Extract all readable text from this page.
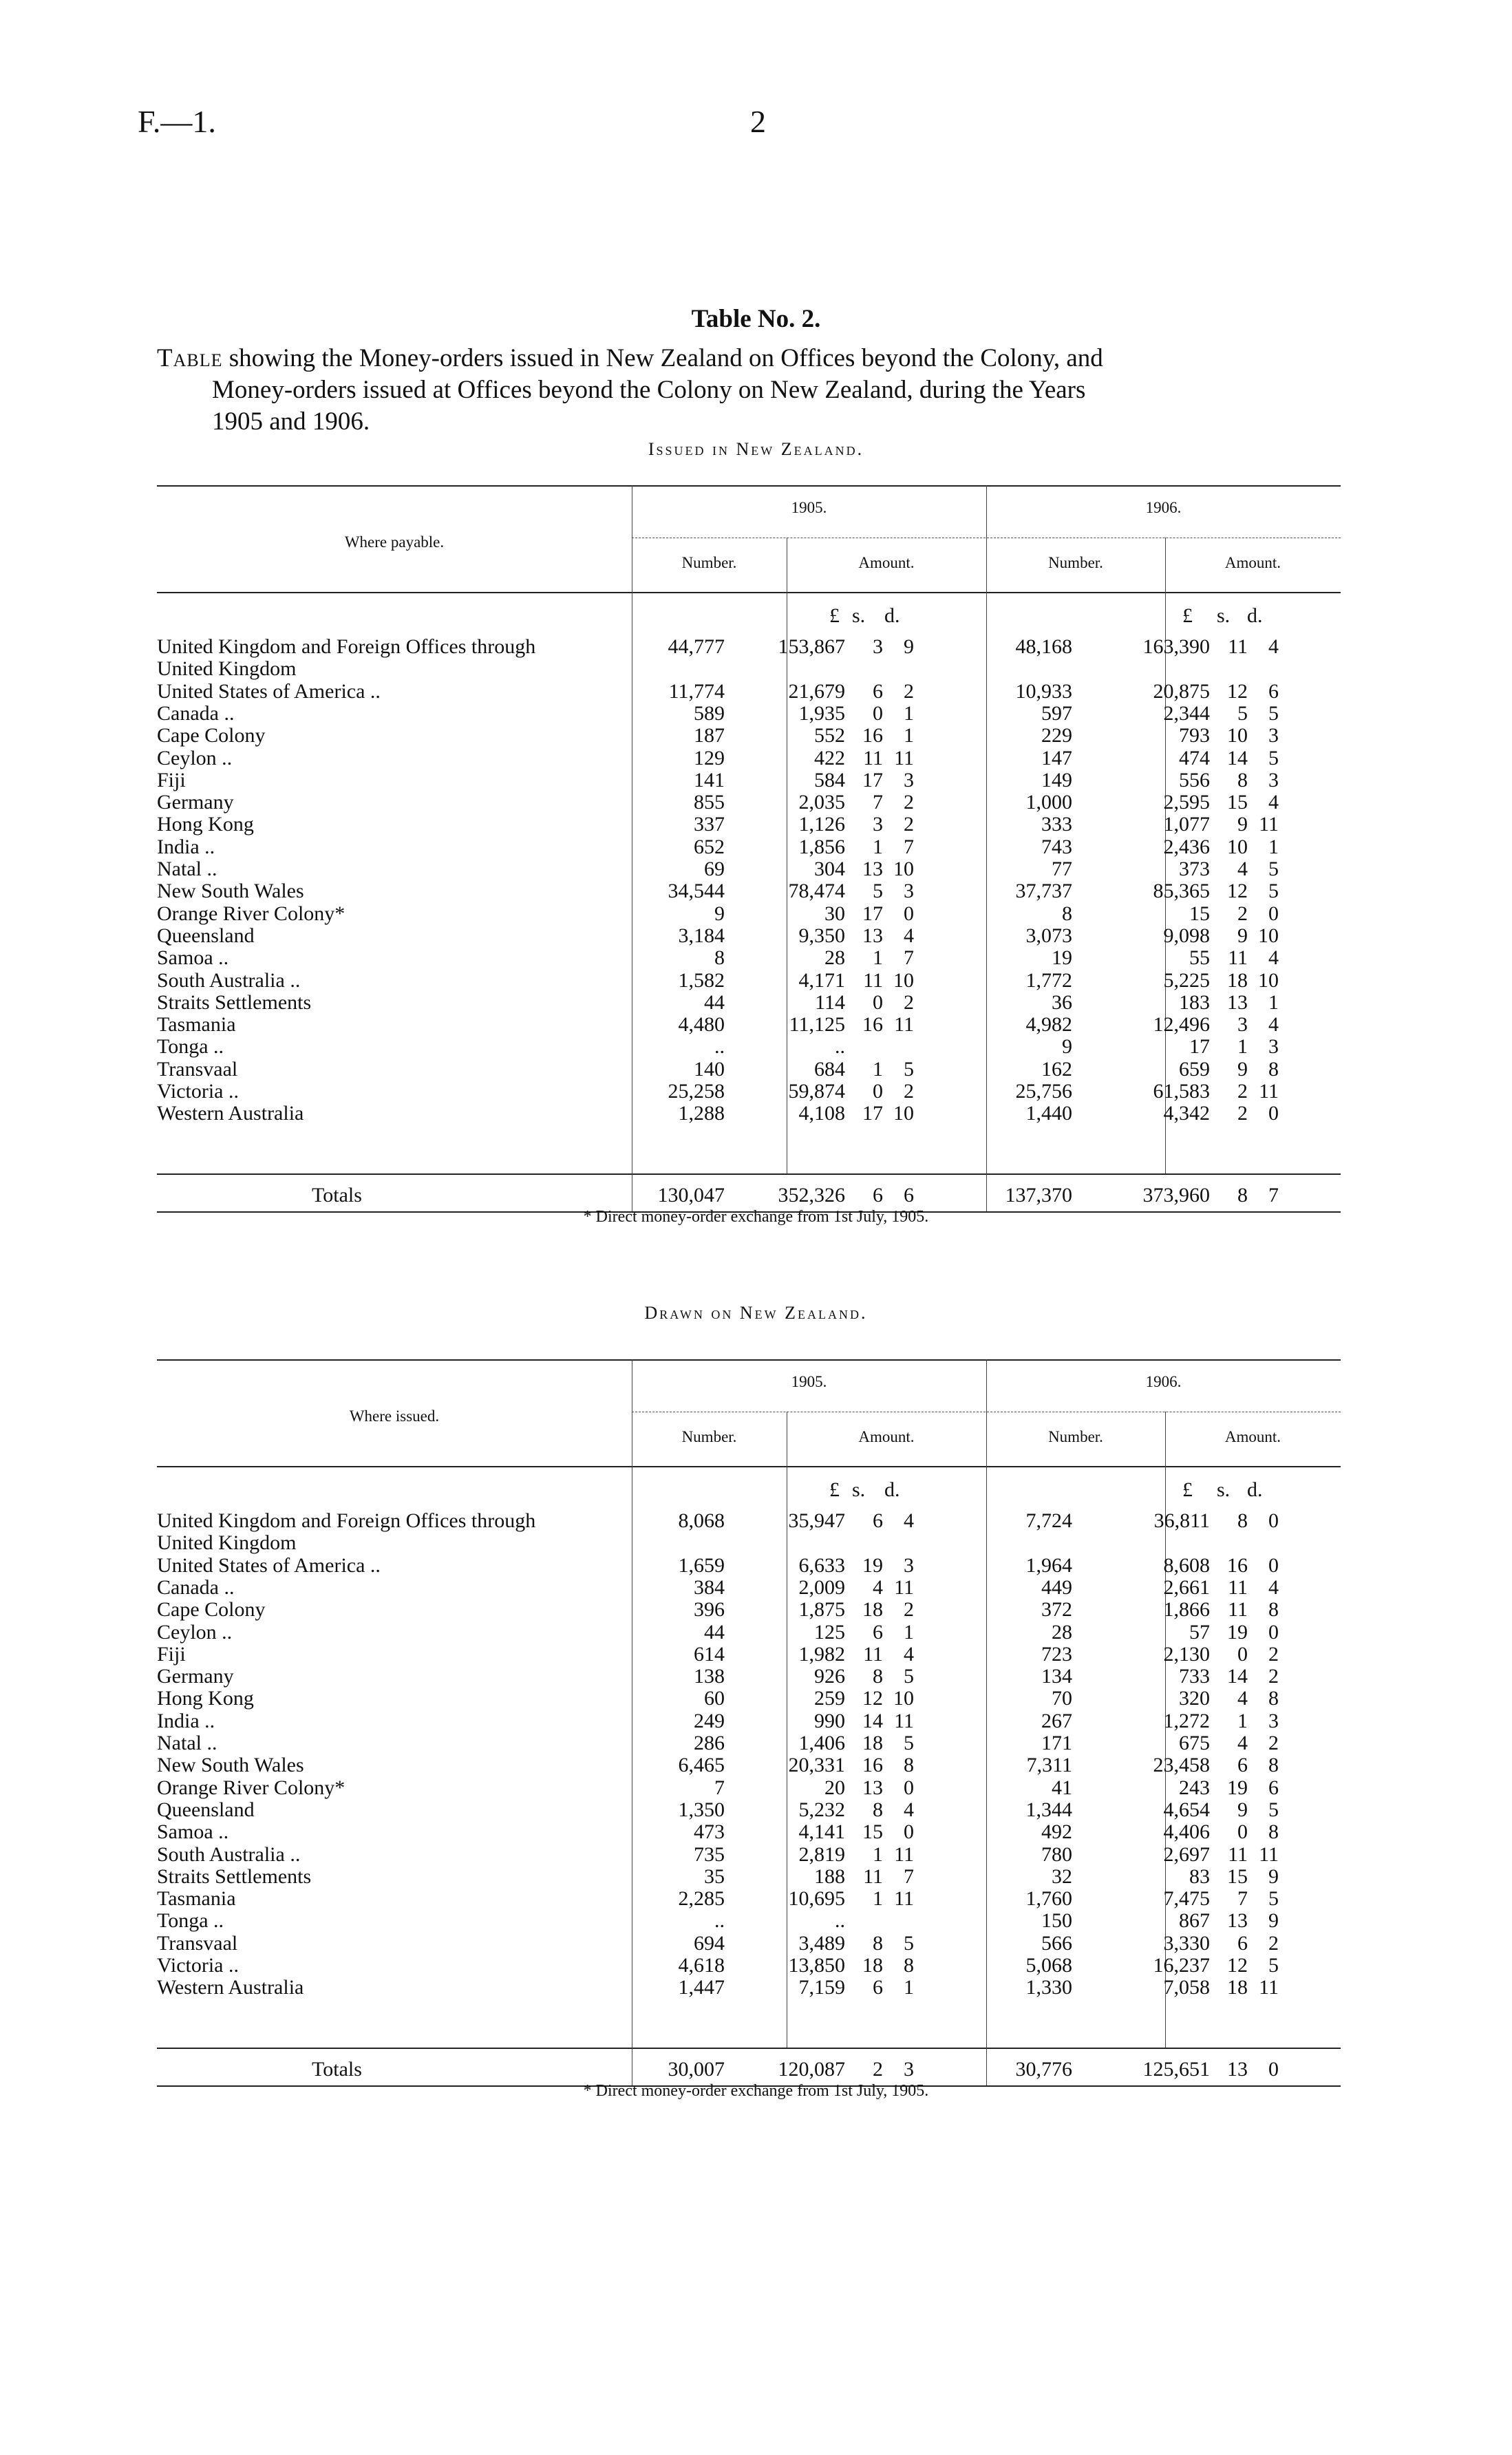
F.—1.	2
Table No. 2.
Table showing the Money-orders issued in New Zealand on Offices beyond the Colony, and
Money-orders issued at Offices beyond the Colony on New Zealand, during the Years
1905 and 1906.
Issued in New Zealand.
Where payable.
1905.	1906.
Number.	Amount.	Number.	Amount.
£ s. d.	£ s. d.
United Kingdom and Foreign Offices through	44,777	153,867	3	9	48,168	163,390 11	4
United Kingdom
United States of America ..	11,774	21,679	6	2	10,933	20,875 12	6
Canada ..	589	1,935	0	1	597	2,344	5	5
Cape Colony	187	552 16	1	229	793 10	3
Ceylon ..	129	422 11 11	147	474 14	5
Fiji	141	584 17	3	149	556	8	3
Germany	855	2,035	7	2	1,000	2,595 15	4
Hong Kong	337	1,126	3	2	333	1,077	9 11
India ..	652	1,856	1	7	743	2,436 10	1
Natal ..	69	304 13 10	77	373	4	5
New South Wales	34,544	78,474	5	3	37,737	85,365 12	5
Orange River Colony*	9	30 17	0	8	15	2	0
Queensland	3,184	9,350 13	4	3,073	9,098	9 10
Samoa ..	8	28	1	7	19	55 11	4
South Australia ..	1,582	4,171 11 10	1,772	5,225 18 10
Straits Settlements	44	114	0	2	36	183 13	1
Tasmania	4,480	11,125 16 11	4,982	12,496	3	4
Tonga ..	..	..	9	17	1	3
Transvaal	140	684	1	5	162	659	9	8
Victoria ..	25,258	59,874	0	2	25,756	61,583	2 11
Western Australia	1,288	4,108 17 10	1,440	4,342	2	0
Totals	130,047	352,326	6	6	137,370	373,960	8	7
* Direct money-order exchange from 1st July, 1905.
Drawn on New Zealand.
Where issued.
1905.	1906.
Number.	Amount.	Number.	Amount.
£ s. d.	£ s. d.
United Kingdom and Foreign Offices through	8,068	35,947	6	4	7,724	36,811	8	0
United Kingdom
United States of America ..	1,659	6,633 19	3	1,964	8,608 16	0
Canada ..	384	2,009	4 11	449	2,661 11	4
Cape Colony	396	1,875 18	2	372	1,866 11	8
Ceylon ..	44	125	6	1	28	57 19	0
Fiji	614	1,982 11	4	723	2,130	0	2
Germany	138	926	8	5	134	733 14	2
Hong Kong	60	259 12 10	70	320	4	8
India ..	249	990 14 11	267	1,272	1	3
Natal ..	286	1,406 18	5	171	675	4	2
New South Wales	6,465	20,331 16	8	7,311	23,458	6	8
Orange River Colony*	7	20 13	0	41	243 19	6
Queensland	1,350	5,232	8	4	1,344	4,654	9	5
Samoa ..	473	4,141 15	0	492	4,406	0	8
South Australia ..	735	2,819	1 11	780	2,697 11 11
Straits Settlements	35	188 11	7	32	83 15	9
Tasmania	2,285	10,695	1 11	1,760	7,475	7	5
Tonga ..	..	..	150	867 13	9
Transvaal	694	3,489	8	5	566	3,330	6	2
Victoria ..	4,618	13,850 18	8	5,068	16,237 12	5
Western Australia	1,447	7,159	6	1	1,330	7,058 18 11
Totals	30,007	120,087	2	3	30,776	125,651 13	0
* Direct money-order exchange from 1st July, 1905.
